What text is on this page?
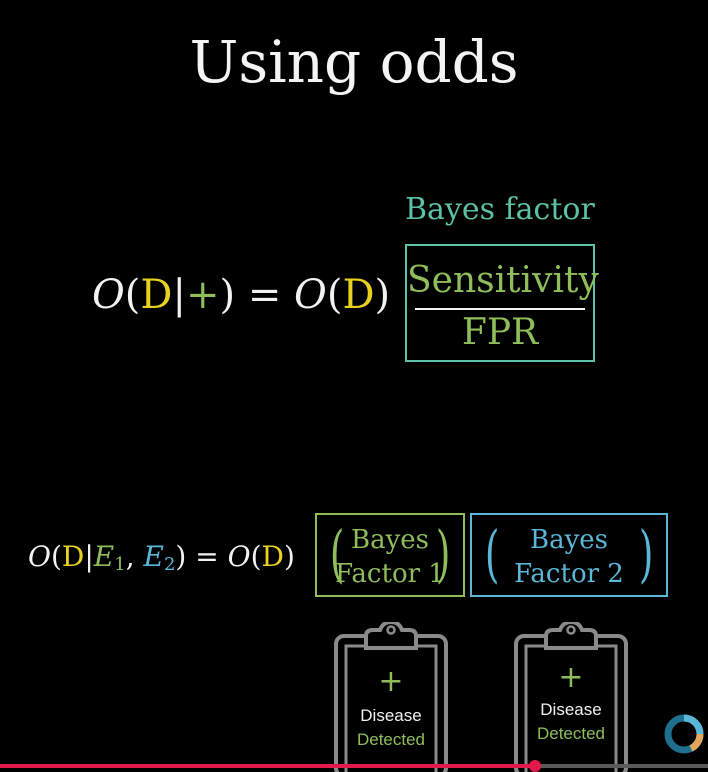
Using odds
Bayes factor
O(D|+) = O(D) Sensitivity
FPR
$O(D|E_1$, $E_2) = O(D)$ ( Bayes
Factor 1
) (	Bayes
Factor 2 )
+
Disease
Detected
+
Disease
Detected
